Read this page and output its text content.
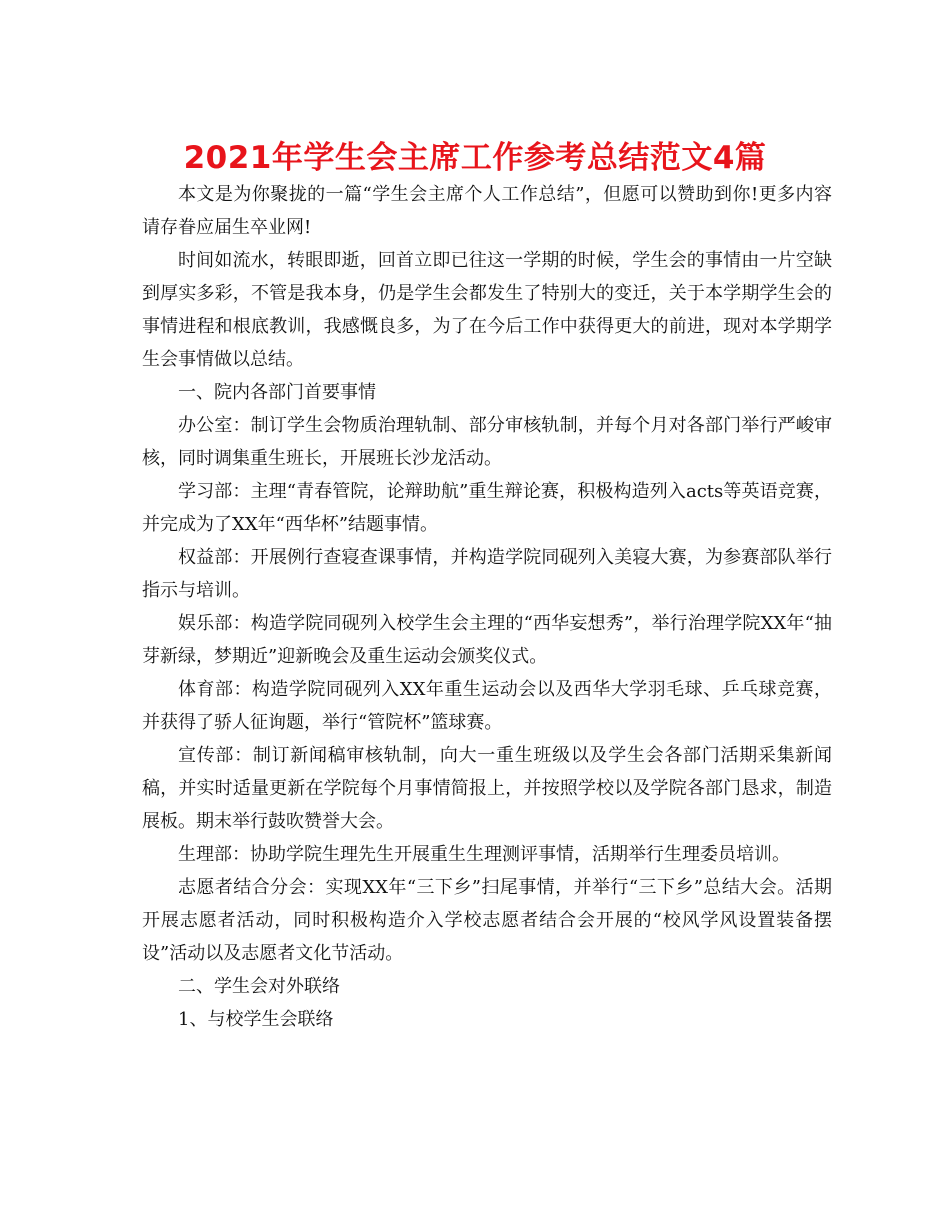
2021年学生会主席工作参考总结范文4篇

本文是为你聚拢的一篇“学生会主席个人工作总结”，但愿可以赞助到你!更多内容请存眷应届生卒业网!

时间如流水，转眼即逝，回首立即已往这一学期的时候，学生会的事情由一片空缺到厚实多彩，不管是我本身，仍是学生会都发生了特别大的变迁，关于本学期学生会的事情进程和根底教训，我感慨良多，为了在今后工作中获得更大的前进，现对本学期学生会事情做以总结。

一、院内各部门首要事情

办公室：制订学生会物质治理轨制、部分审核轨制，并每个月对各部门举行严峻审核，同时调集重生班长，开展班长沙龙活动。

学习部：主理“青春管院，论辩助航”重生辩论赛，积极构造列入acts等英语竞赛，并完成为了XX年“西华杯”结题事情。

权益部：开展例行查寝查课事情，并构造学院同砚列入美寝大赛，为参赛部队举行指示与培训。

娱乐部：构造学院同砚列入校学生会主理的“西华妄想秀”，举行治理学院XX年“抽芽新绿，梦期近”迎新晚会及重生运动会颁奖仪式。

体育部：构造学院同砚列入XX年重生运动会以及西华大学羽毛球、乒乓球竞赛，并获得了骄人征询题，举行“管院杯”篮球赛。

宣传部：制订新闻稿审核轨制，向大一重生班级以及学生会各部门活期采集新闻稿，并实时适量更新在学院每个月事情简报上，并按照学校以及学院各部门恳求，制造展板。期末举行鼓吹赞誉大会。

生理部：协助学院生理先生开展重生生理测评事情，活期举行生理委员培训。

志愿者结合分会：实现XX年“三下乡”扫尾事情，并举行“三下乡”总结大会。活期开展志愿者活动，同时积极构造介入学校志愿者结合会开展的“校风学风设置装备摆设”活动以及志愿者文化节活动。

二、学生会对外联络

1、与校学生会联络
